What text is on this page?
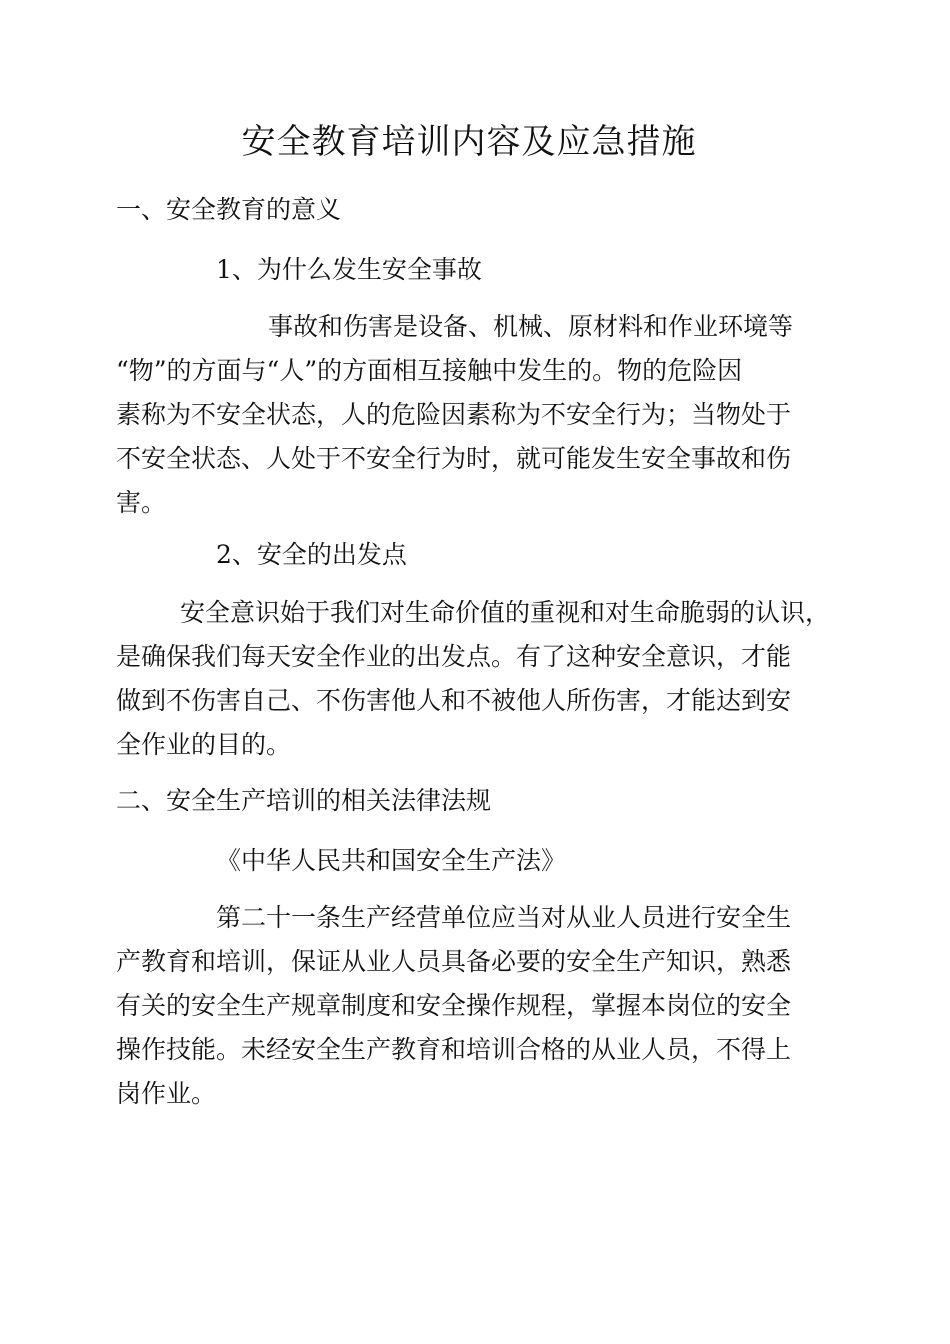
安全教育培训内容及应急措施
一、安全教育的意义
1、为什么发生安全事故
事故和伤害是设备、机械、原材料和作业环境等
“物”的方面与“人”的方面相互接触中发生的。物的危险因
素称为不安全状态，人的危险因素称为不安全行为；当物处于
不安全状态、人处于不安全行为时，就可能发生安全事故和伤
害。
2、安全的出发点
安全意识始于我们对生命价值的重视和对生命脆弱的认识，
是确保我们每天安全作业的出发点。有了这种安全意识，才能
做到不伤害自己、不伤害他人和不被他人所伤害，才能达到安
全作业的目的。
二、安全生产培训的相关法律法规
《中华人民共和国安全生产法》
第二十一条生产经营单位应当对从业人员进行安全生
产教育和培训，保证从业人员具备必要的安全生产知识，熟悉
有关的安全生产规章制度和安全操作规程，掌握本岗位的安全
操作技能。未经安全生产教育和培训合格的从业人员，不得上
岗作业。
